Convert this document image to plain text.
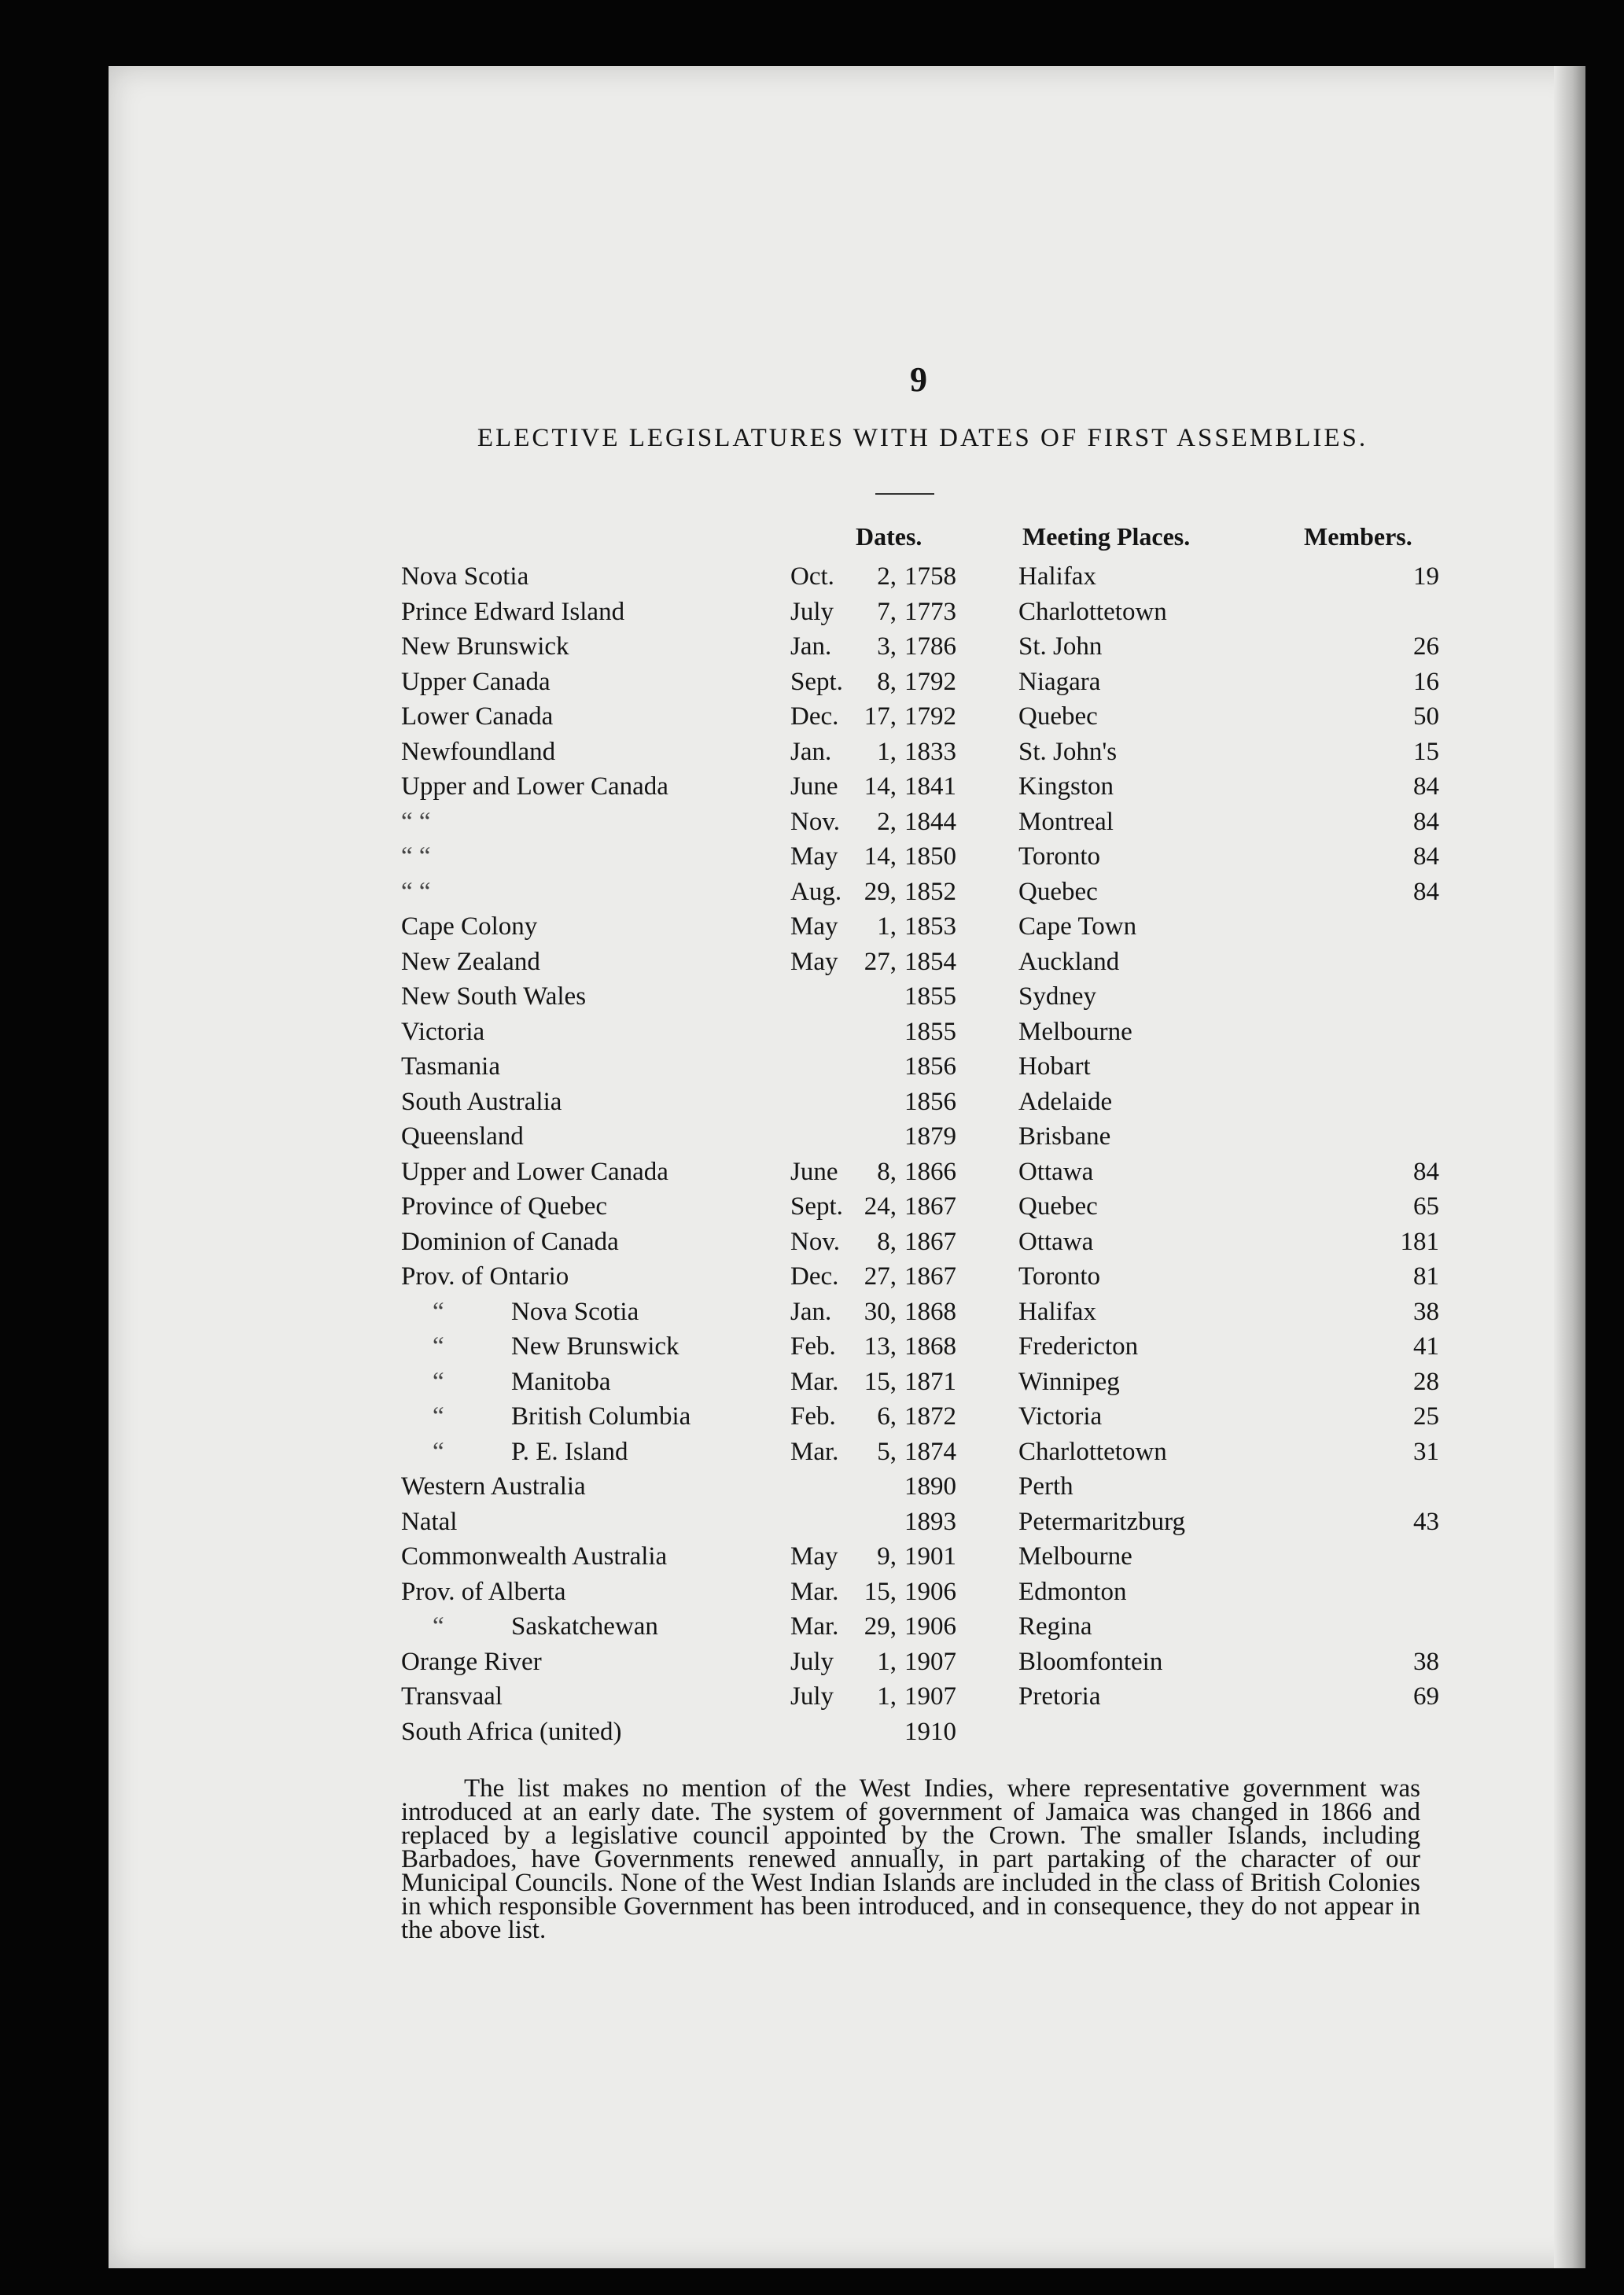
9
ELECTIVE LEGISLATURES WITH DATES OF FIRST ASSEMBLIES.
Dates.	Meeting Places.	Members.
Nova Scotia	Oct.	2, 1758 Halifax	19
Prince Edward Island	July	7, 1773 Charlottetown
New Brunswick	Jan.	3, 1786 St. John	26
Upper Canada	Sept.	8, 1792 Niagara	16
Lower Canada	Dec. 17, 1792 Quebec	50
Newfoundland	Jan.	1, 1833 St. John's	15
Upper and Lower Canada	June	14, 1841 Kingston	84
“ “	Nov.	2, 1844 Montreal	84
“ “	May	14, 1850 Toronto	84
“ “	Aug. 29, 1852 Quebec	84
Cape Colony	May	1, 1853 Cape Town
New Zealand	May	27, 1854 Auckland
New South Wales	1855 Sydney
Victoria	1855 Melbourne
Tasmania	1856 Hobart
South Australia	1856 Adelaide
Queensland	1879 Brisbane
Upper and Lower Canada	June	8, 1866 Ottawa	84
Province of Quebec	Sept. 24, 1867 Quebec	65
Dominion of Canada	Nov.	8, 1867 Ottawa	181
Prov. of Ontario	Dec. 27, 1867 Toronto	81
“	Nova Scotia	Jan.	30, 1868 Halifax	38
“	New Brunswick	Feb.	13, 1868 Fredericton	41
“	Manitoba	Mar. 15, 1871 Winnipeg	28
“	British Columbia	Feb.	6, 1872 Victoria	25
“	P. E. Island	Mar.	5, 1874 Charlottetown	31
Western Australia	1890 Perth
Natal	1893 Petermaritzburg	43
Commonwealth Australia	May	9, 1901 Melbourne
Prov. of Alberta	Mar. 15, 1906 Edmonton
“	Saskatchewan	Mar. 29, 1906 Regina
Orange River	July	1, 1907 Bloomfontein	38
Transvaal	July	1, 1907 Pretoria	69
South Africa (united)	1910
The list makes no mention of the West Indies, where representative government was introduced at an early date. The system of government of Jamaica was changed in 1866 and replaced by a legislative council appointed by the Crown. The smaller Islands, including Barbadoes, have Governments renewed annually, in part partaking of the character of our Municipal Councils. None of the West Indian Islands are included in the class of British Colonies in which responsible Government has been introduced, and in consequence, they do not appear in the above list.
